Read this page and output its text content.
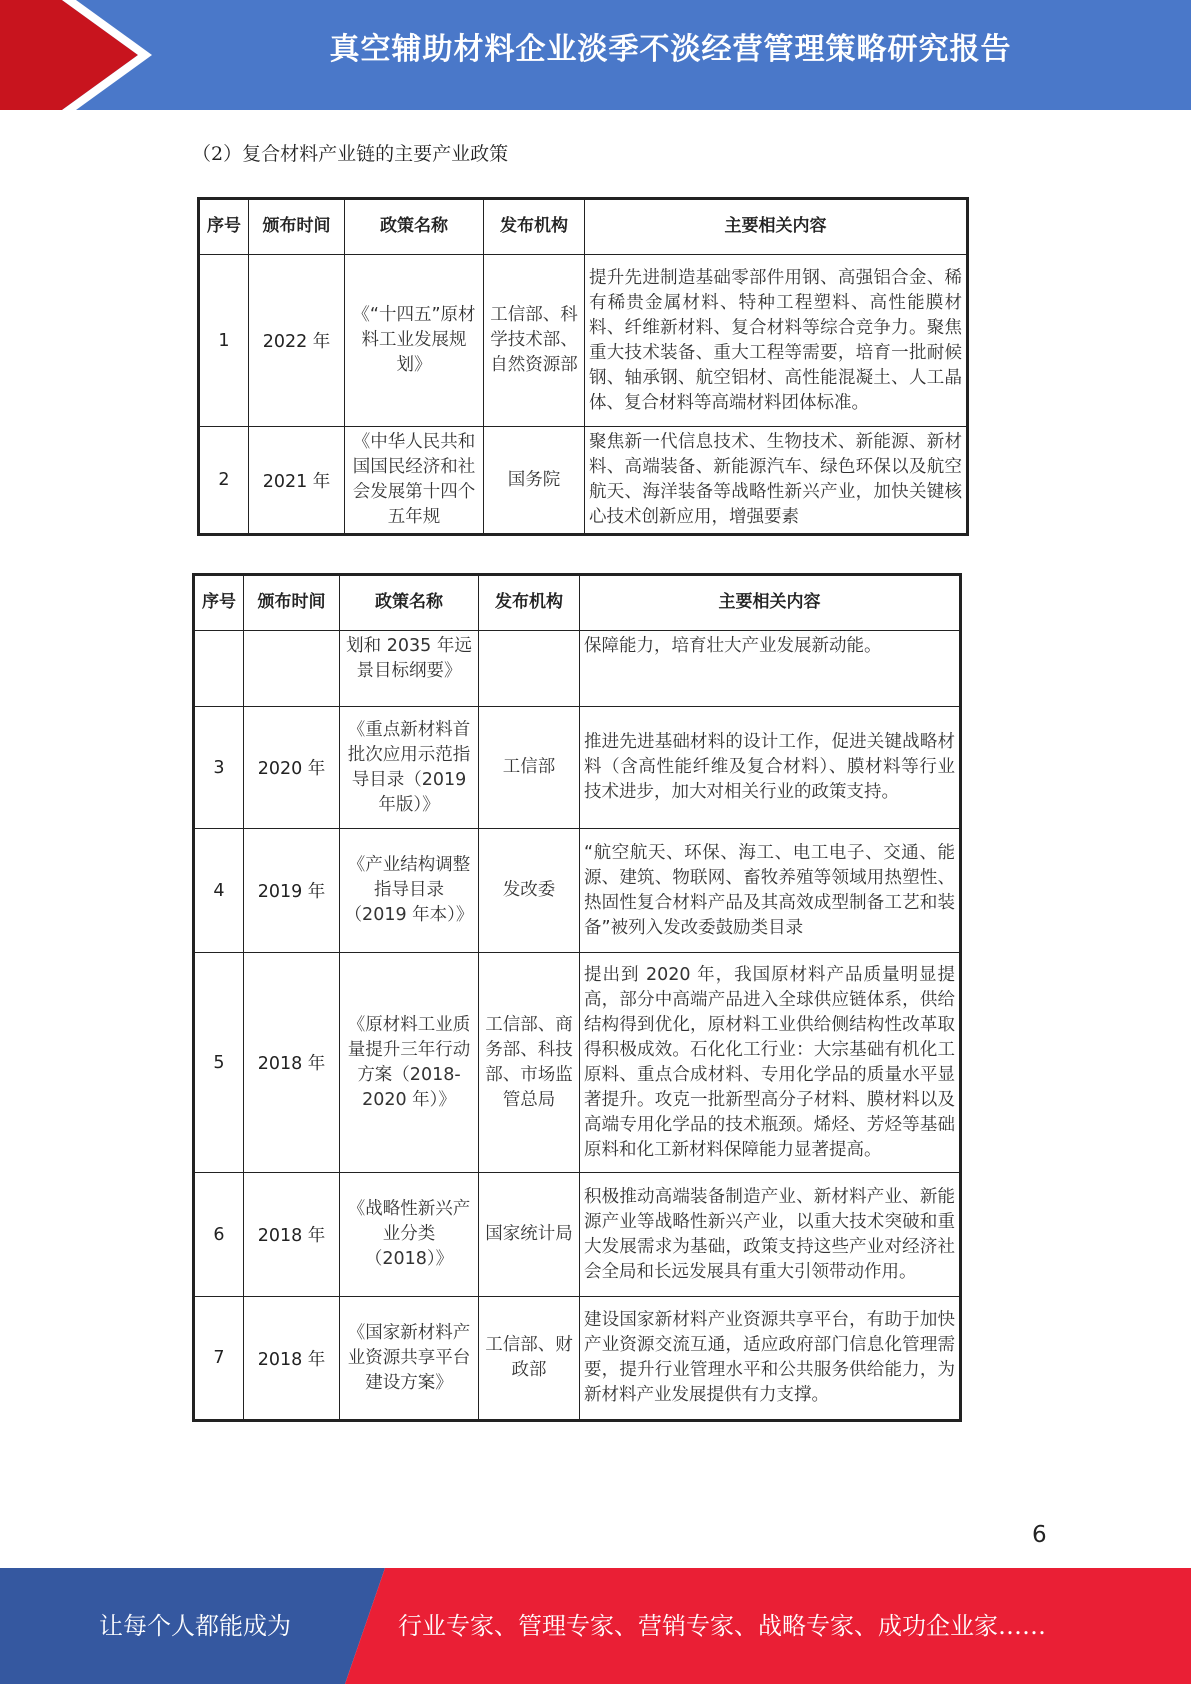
真空辅助材料企业淡季不淡经营管理策略研究报告
（2）复合材料产业链的主要产业政策
序号	颁布时间	政策名称	发布机构	主要相关内容
1	2022 年	《“十四五”原材料工业发展规划》	工信部、科学技术部、自然资源部	提升先进制造基础零部件用钢、高强铝合金、稀有稀贵金属材料、特种工程塑料、高性能膜材料、纤维新材料、复合材料等综合竞争力。聚焦重大技术装备、重大工程等需要，培育一批耐候钢、轴承钢、航空铝材、高性能混凝土、人工晶体、复合材料等高端材料团体标准。
2	2021 年	《中华人民共和国国民经济和社会发展第十四个五年规	国务院	聚焦新一代信息技术、生物技术、新能源、新材料、高端装备、新能源汽车、绿色环保以及航空航天、海洋装备等战略性新兴产业，加快关键核心技术创新应用，增强要素
序号	颁布时间	政策名称	发布机构	主要相关内容
		划和 2035 年远景目标纲要》		保障能力，培育壮大产业发展新动能。
3	2020 年	《重点新材料首批次应用示范指导目录（2019 年版）》	工信部	推进先进基础材料的设计工作，促进关键战略材料（含高性能纤维及复合材料）、膜材料等行业技术进步，加大对相关行业的政策支持。
4	2019 年	《产业结构调整指导目录（2019 年本）》	发改委	“航空航天、环保、海工、电工电子、交通、能源、建筑、物联网、畜牧养殖等领域用热塑性、热固性复合材料产品及其高效成型制备工艺和装备”被列入发改委鼓励类目录
5	2018 年	《原材料工业质量提升三年行动方案（2018-2020 年）》	工信部、商务部、科技部、市场监管总局	提出到 2020 年，我国原材料产品质量明显提高，部分中高端产品进入全球供应链体系，供给结构得到优化，原材料工业供给侧结构性改革取得积极成效。石化化工行业：大宗基础有机化工原料、重点合成材料、专用化学品的质量水平显著提升。攻克一批新型高分子材料、膜材料以及高端专用化学品的技术瓶颈。烯烃、芳烃等基础原料和化工新材料保障能力显著提高。
6	2018 年	《战略性新兴产业分类（2018）》	国家统计局	积极推动高端装备制造产业、新材料产业、新能源产业等战略性新兴产业，以重大技术突破和重大发展需求为基础，政策支持这些产业对经济社会全局和长远发展具有重大引领带动作用。
7	2018 年	《国家新材料产业资源共享平台建设方案》	工信部、财政部	建设国家新材料产业资源共享平台，有助于加快产业资源交流互通，适应政府部门信息化管理需要，提升行业管理水平和公共服务供给能力，为新材料产业发展提供有力支撑。
6
让每个人都能成为	行业专家、管理专家、营销专家、战略专家、成功企业家……
